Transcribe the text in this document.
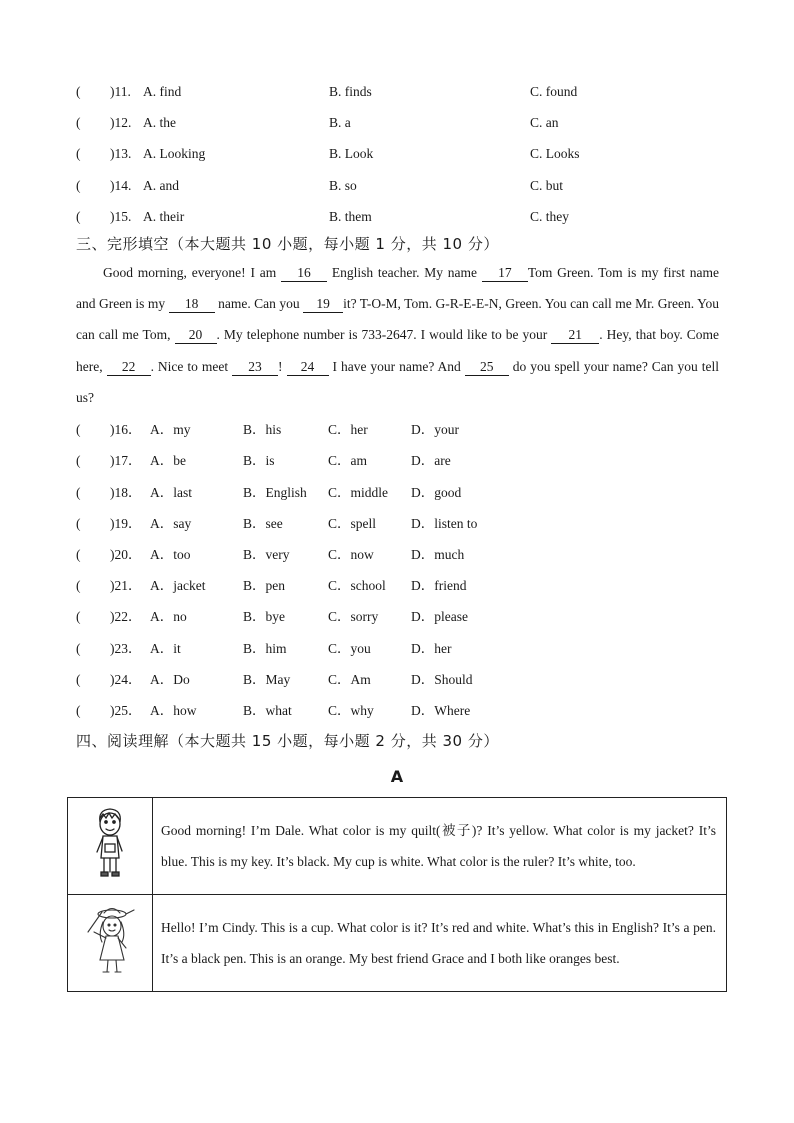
( )11. A. find	B. finds	C. found
( )12. A. the	B. a	C. an
( )13. A. Looking	B. Look	C. Looks
( )14. A. and	B. so	C. but
( )15. A. their	B. them	C. they
三、完形填空（本大题共 10 小题，每小题 1 分，共 10 分）
Good morning, everyone! I am 16 English teacher. My name 17 Tom Green. Tom is my first name and Green is my 18 name. Can you 19 it? T-O-M, Tom. G-R-E-E-N, Green. You can call me Mr. Green. You can call me Tom, 20 . My telephone number is 733-2647. I would like to be your 21 . Hey, that boy. Come here, 22 . Nice to meet 23 ! 24 I have your name? And 25 do you spell your name? Can you tell us?
( )16． A．my	B．his	C．her	D．your
( )17． A．be	B．is	C．am	D．are
( )18． A．last	B．English C．middle D．good
( )19． A．say	B．see	C．spell	D．listen to
( )20． A．too	B．very	C．now	D．much
( )21． A．jacket	B．pen	C．school D．friend
( )22． A．no	B．bye	C．sorry D．please
( )23． A．it	B．him	C．you	D．her
( )24． A．Do	B．May	C．Am	D．Should
( )25． A．how	B．what	C．why	D．Where
四、阅读理解（本大题共 15 小题，每小题 2 分，共 30 分）
A
	Good morning! I’m Dale. What color is my quilt(被子)? It’s yellow. What color is my jacket? It’s blue. This is my key. It’s black. My cup is white. What color is the ruler? It’s white, too.
	Hello! I’m Cindy. This is a cup. What color is it? It’s red and white. What’s this in English? It’s a pen. It’s a black pen. This is an orange. My best friend Grace and I both like oranges best.
